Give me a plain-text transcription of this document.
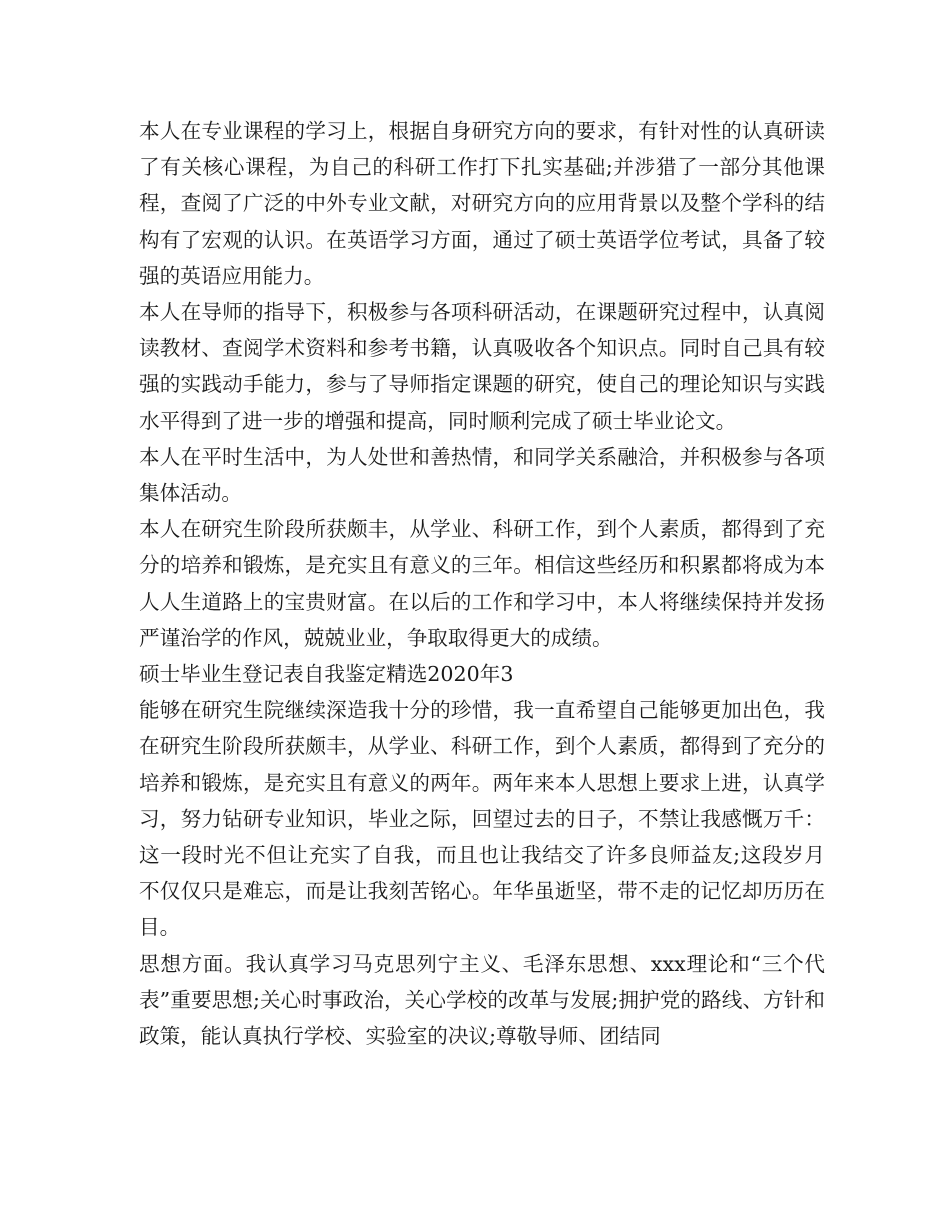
本人在专业课程的学习上，根据自身研究方向的要求，有针对性的认真研读了有关核心课程，为自己的科研工作打下扎实基础;并涉猎了一部分其他课程，查阅了广泛的中外专业文献，对研究方向的应用背景以及整个学科的结构有了宏观的认识。在英语学习方面，通过了硕士英语学位考试，具备了较强的英语应用能力。

本人在导师的指导下，积极参与各项科研活动，在课题研究过程中，认真阅读教材、查阅学术资料和参考书籍，认真吸收各个知识点。同时自己具有较强的实践动手能力，参与了导师指定课题的研究，使自己的理论知识与实践水平得到了进一步的增强和提高，同时顺利完成了硕士毕业论文。

本人在平时生活中，为人处世和善热情，和同学关系融洽，并积极参与各项集体活动。

本人在研究生阶段所获颇丰，从学业、科研工作，到个人素质，都得到了充分的培养和锻炼，是充实且有意义的三年。相信这些经历和积累都将成为本人人生道路上的宝贵财富。在以后的工作和学习中，本人将继续保持并发扬严谨治学的作风，兢兢业业，争取取得更大的成绩。

硕士毕业生登记表自我鉴定精选2020年3

能够在研究生院继续深造我十分的珍惜，我一直希望自己能够更加出色，我在研究生阶段所获颇丰，从学业、科研工作，到个人素质，都得到了充分的培养和锻炼，是充实且有意义的两年。两年来本人思想上要求上进，认真学习，努力钻研专业知识，毕业之际，回望过去的日子，不禁让我感慨万千：这一段时光不但让充实了自我，而且也让我结交了许多良师益友;这段岁月不仅仅只是难忘，而是让我刻苦铭心。年华虽逝坚，带不走的记忆却历历在目。

思想方面。我认真学习马克思列宁主义、毛泽东思想、xxx理论和“三个代表”重要思想;关心时事政治，关心学校的改革与发展;拥护党的路线、方针和政策，能认真执行学校、实验室的决议;尊敬导师、团结同
